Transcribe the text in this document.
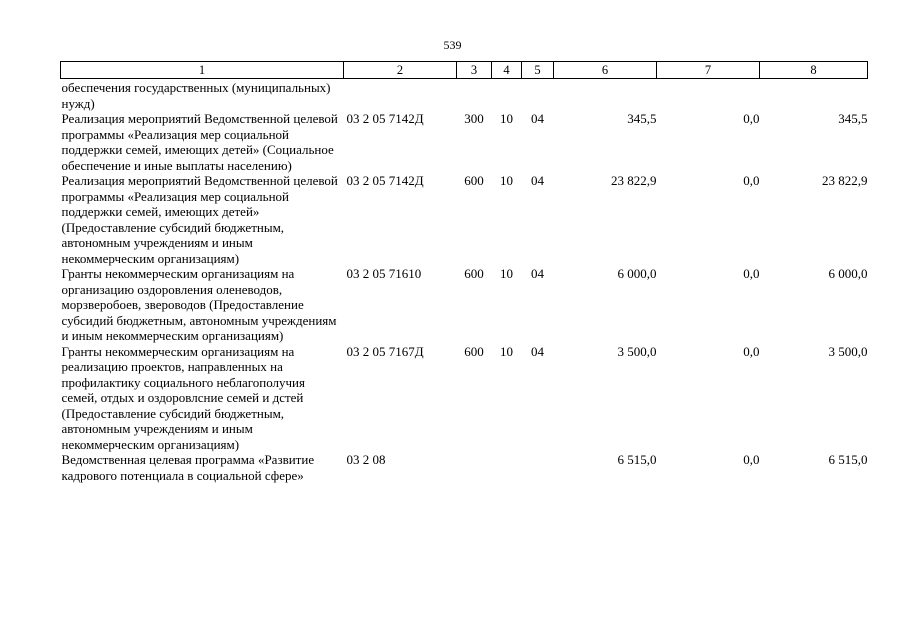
539
1	2	3	4	5	6	7	8
обеспечения государственных (муниципальных) нужд)							
Реализация мероприятий Ведомственной целевой программы «Реализация мер социальной поддержки семей, имеющих детей» (Социальное обеспечение и иные выплаты населению)	03 2 05 7142Д	300	10	04	345,5	0,0	345,5
Реализация мероприятий Ведомственной целевой программы «Реализация мер социальной поддержки семей, имеющих детей» (Предоставление субсидий бюджетным, автономным учреждениям и иным некоммерческим организациям)	03 2 05 7142Д	600	10	04	23 822,9	0,0	23 822,9
Гранты некоммерческим организациям на организацию оздоровления оленеводов, морзверобоев, звероводов (Предоставление субсидий бюджетным, автономным учреждениям и иным некоммерческим организациям)	03 2 05 71610	600	10	04	6 000,0	0,0	6 000,0
Гранты некоммерческим организациям на реализацию проектов, направленных на профилактику социального неблагополучия семей, отдых и оздоровлсние семей и дстей (Предоставление субсидий бюджетным, автономным учреждениям и иным некоммерческим организациям)	03 2 05 7167Д	600	10	04	3 500,0	0,0	3 500,0
Ведомственная целевая программа «Развитие кадрового потенциала в социальной сфере»	03 2 08				6 515,0	0,0	6 515,0
